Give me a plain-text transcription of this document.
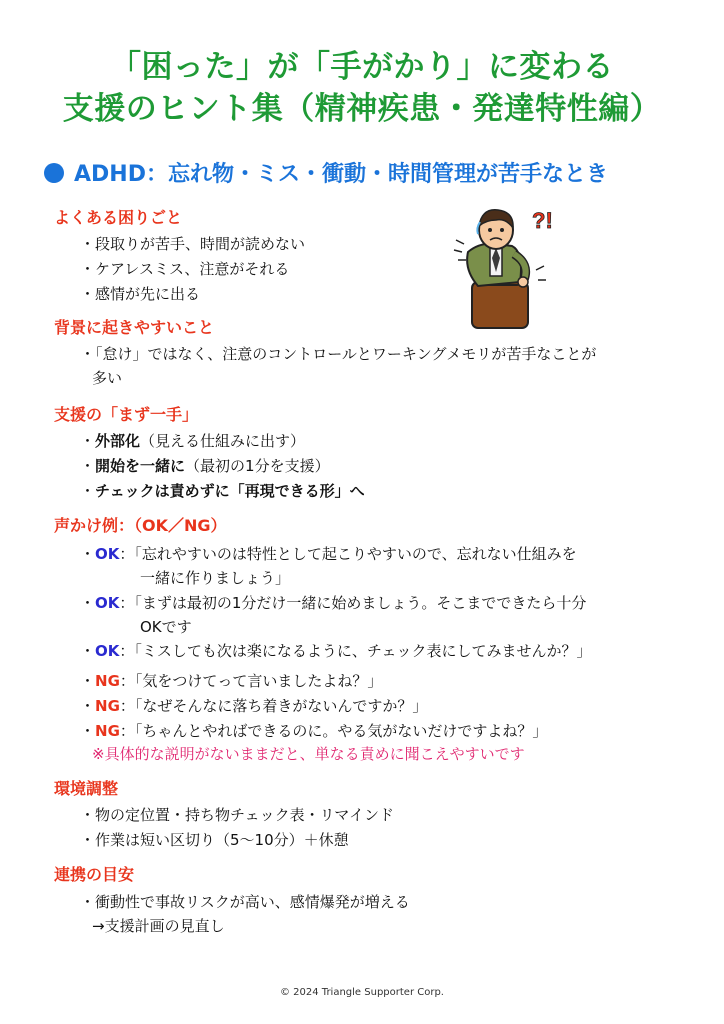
「困った」が「手がかり」に変わる
支援のヒント集（精神疾患・発達特性編）
ADHD：忘れ物・ミス・衝動・時間管理が苦手なとき
?!
よくある困りごと
・段取りが苦手、時間が読めない
・ケアレスミス、注意がそれる
・感情が先に出る
背景に起きやすいこと
・「怠け」ではなく、注意のコントロールとワーキングメモリが苦手なことが
多い
支援の「まず一手」
・外部化（見える仕組みに出す）
・開始を一緒に（最初の1分を支援）
・チェックは責めずに「再現できる形」へ
声かけ例：（OK／NG）
・OK：「忘れやすいのは特性として起こりやすいので、忘れない仕組みを
一緒に作りましょう」
・OK：「まずは最初の1分だけ一緒に始めましょう。そこまでできたら十分
OKです
・OK：「ミスしても次は楽になるように、チェック表にしてみませんか？」
・NG：「気をつけてって言いましたよね？」
・NG：「なぜそんなに落ち着きがないんですか？」
・NG：「ちゃんとやればできるのに。やる気がないだけですよね？」
※具体的な説明がないままだと、単なる責めに聞こえやすいです
環境調整
・物の定位置・持ち物チェック表・リマインド
・作業は短い区切り（5〜10分）＋休憩
連携の目安
・衝動性で事故リスクが高い、感情爆発が増える
→支援計画の見直し
© 2024 Triangle Supporter Corp.
